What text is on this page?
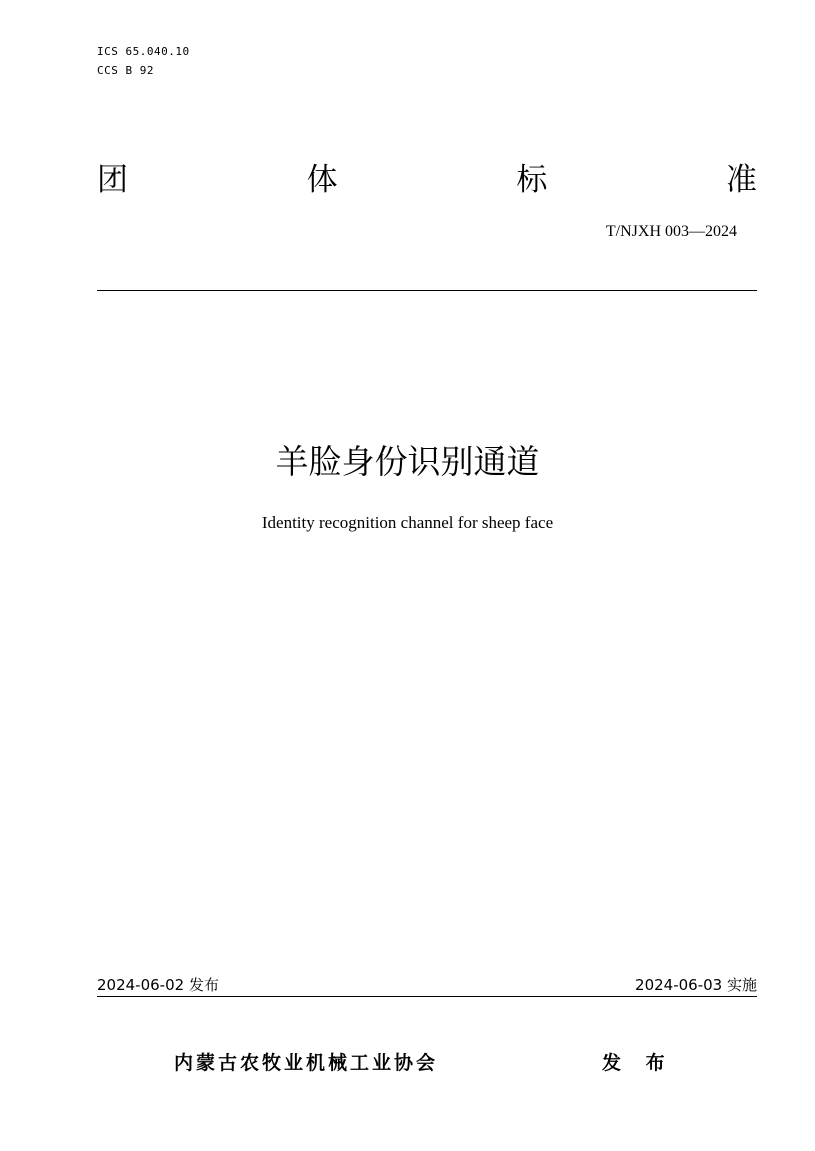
ICS 65.040.10
CCS B 92
团	体	标	准
T/NJXH 003—2024
羊脸身份识别通道
Identity recognition channel for sheep face
2024-06-02 发布	2024-06-03 实施
内蒙古农牧业机械工业协会	发 布
